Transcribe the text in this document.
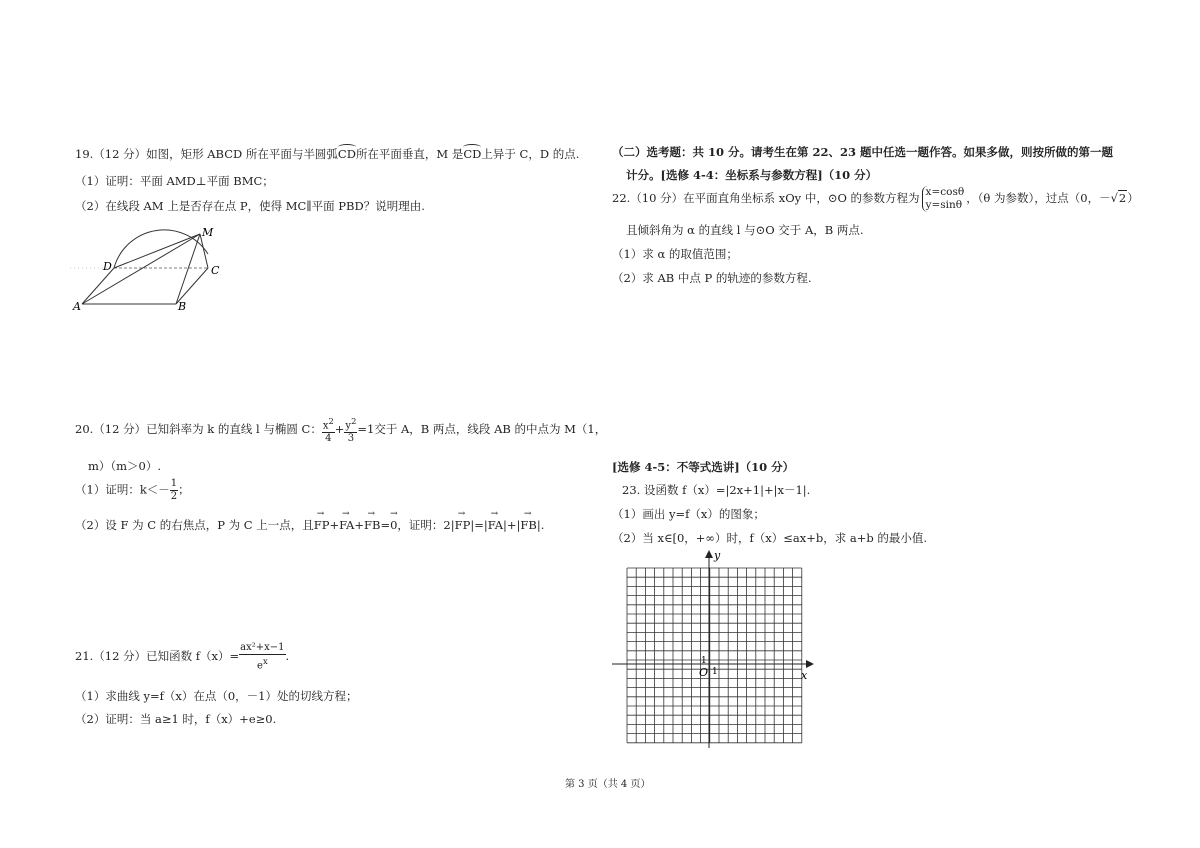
19.（12 分）如图，矩形 ABCD 所在平面与半圆弧CD所在平面垂直，M 是CD上异于 C，D 的点.
（1）证明：平面 AMD⊥平面 BMC；
（2）在线段 AM 上是否存在点 P，使得 MC∥平面 PBD？说明理由.
A	B
C
D
M
20.（12 分）已知斜率为 k 的直线 l 与椭圆 C： $\frac{x^2}{4} + \frac{y^2}{3} =1$交于 A，B 两点，线段 AB 的中点为 M（1，
m）（m＞0）.
（1）证明：$k<- \frac{1}{2}$ ；
（2）设 F 为 C 的右焦点，P 为 C 上一点，且→ FP+→ FA+→ FB=→ 0，证明：2|→ FP|=|→ FA|+|→ FB|.
21.（12 分）已知函数 $f(x)= \frac{\text{ax²+x−1}}{e^x}$ .
（1）求曲线 y=f（x）在点（0，－1）处的切线方程；
（2）证明：当 a≥1 时，f（x）+e≥0.
（二）选考题：共 10 分。请考生在第 22、23 题中任选一题作答。如果多做，则按所做的第一题
计分。[选修 4-4：坐标系与参数方程]（10 分）
22.（10 分）在平面直角坐标系 xOy 中，⊙O 的参数方程为 x=cosθ
y=sinθ ，（θ 为参数），过点（0，－√2）
且倾斜角为 α 的直线 l 与⊙O 交于 A，B 两点.
（1）求 α 的取值范围；
（2）求 AB 中点 P 的轨迹的参数方程.
[选修 4-5：不等式选讲]（10 分）
23. 设函数 f（x）=|2x+1|+|x－1|.
（1）画出 y=f（x）的图象；
（2）当 x∈[0，+∞）时，f（x）≤ax+b，求 a+b 的最小值.
x
y
O 1
1
第 3 页（共 4 页）
